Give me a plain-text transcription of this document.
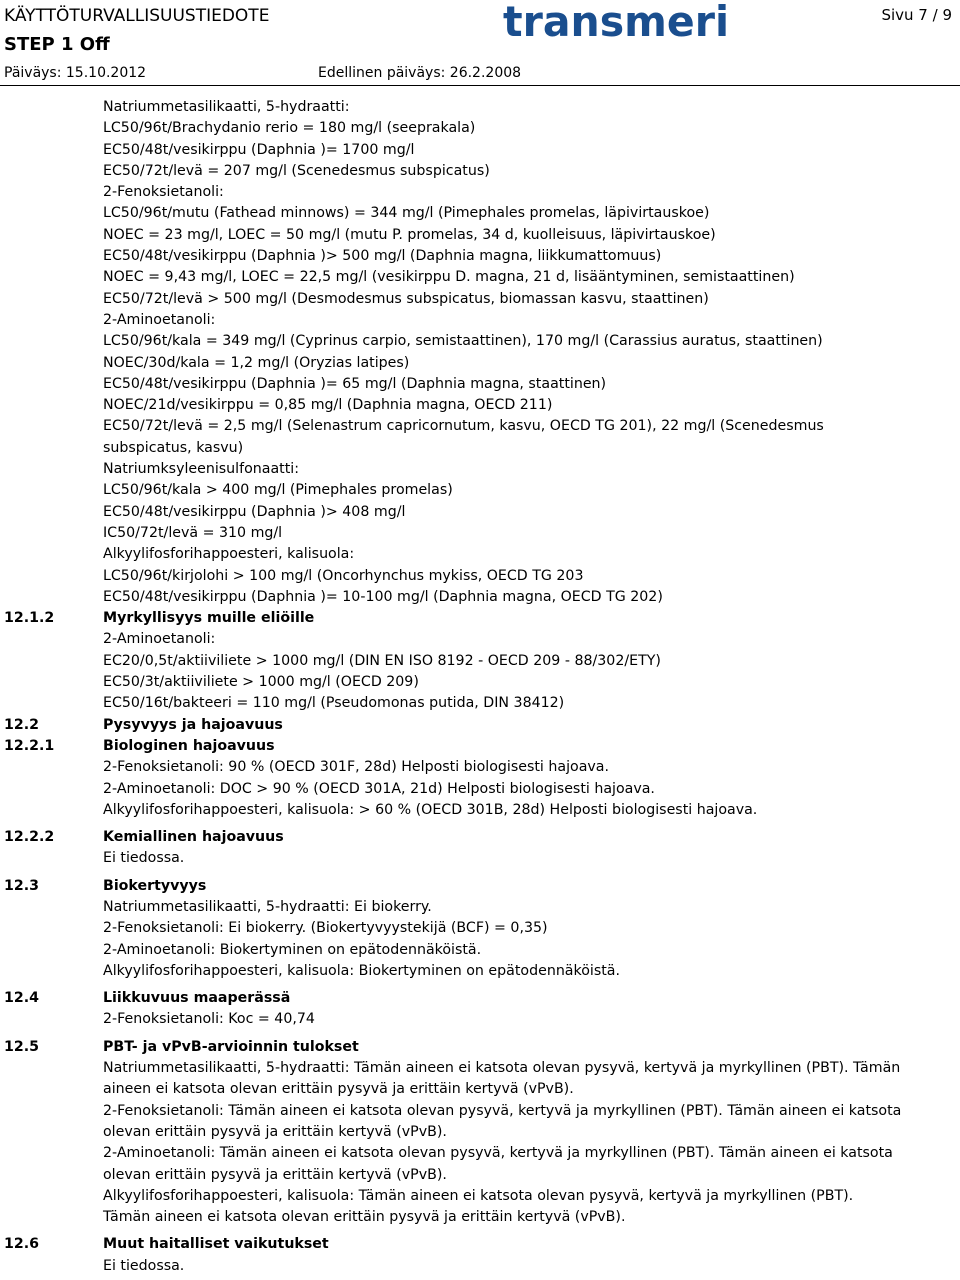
KÄYTTÖTURVALLISUUSTIEDOTE
STEP 1 Off
Päiväys: 15.10.2012	Edellinen päiväys: 26.2.2008
Sivu 7 / 9
transmeri
Natriummetasilikaatti, 5-hydraatti:
LC50/96t/Brachydanio rerio = 180 mg/l (seeprakala)
EC50/48t/vesikirppu (Daphnia )= 1700 mg/l
EC50/72t/levä = 207 mg/l (Scenedesmus subspicatus)
2-Fenoksietanoli:
LC50/96t/mutu (Fathead minnows) = 344 mg/l (Pimephales promelas, läpivirtauskoe)
NOEC = 23 mg/l, LOEC = 50 mg/l (mutu P. promelas, 34 d, kuolleisuus, läpivirtauskoe)
EC50/48t/vesikirppu (Daphnia )> 500 mg/l (Daphnia magna, liikkumattomuus)
NOEC = 9,43 mg/l, LOEC = 22,5 mg/l (vesikirppu D. magna, 21 d, lisääntyminen, semistaattinen)
EC50/72t/levä > 500 mg/l (Desmodesmus subspicatus, biomassan kasvu, staattinen)
2-Aminoetanoli:
LC50/96t/kala = 349 mg/l (Cyprinus carpio, semistaattinen), 170 mg/l (Carassius auratus, staattinen)
NOEC/30d/kala = 1,2 mg/l (Oryzias latipes)
EC50/48t/vesikirppu (Daphnia )= 65 mg/l (Daphnia magna, staattinen)
NOEC/21d/vesikirppu = 0,85 mg/l (Daphnia magna, OECD 211)
EC50/72t/levä = 2,5 mg/l (Selenastrum capricornutum, kasvu, OECD TG 201), 22 mg/l (Scenedesmus
subspicatus, kasvu)
Natriumksyleenisulfonaatti:
LC50/96t/kala > 400 mg/l (Pimephales promelas)
EC50/48t/vesikirppu (Daphnia )> 408 mg/l
IC50/72t/levä = 310 mg/l
Alkyylifosforihappoesteri, kalisuola:
LC50/96t/kirjolohi > 100 mg/l (Oncorhynchus mykiss, OECD TG 203
EC50/48t/vesikirppu (Daphnia )= 10-100 mg/l (Daphnia magna, OECD TG 202)
12.1.2	Myrkyllisyys muille eliöille
2-Aminoetanoli:
EC20/0,5t/aktiiviliete > 1000 mg/l (DIN EN ISO 8192 - OECD 209 - 88/302/ETY)
EC50/3t/aktiiviliete > 1000 mg/l (OECD 209)
EC50/16t/bakteeri = 110 mg/l (Pseudomonas putida, DIN 38412)
12.2	Pysyvyys ja hajoavuus
12.2.1	Biologinen hajoavuus
2-Fenoksietanoli: 90 % (OECD 301F, 28d) Helposti biologisesti hajoava.
2-Aminoetanoli: DOC > 90 % (OECD 301A, 21d) Helposti biologisesti hajoava.
Alkyylifosforihappoesteri, kalisuola: > 60 % (OECD 301B, 28d) Helposti biologisesti hajoava.
12.2.2	Kemiallinen hajoavuus
Ei tiedossa.
12.3	Biokertyvyys
Natriummetasilikaatti, 5-hydraatti: Ei biokerry.
2-Fenoksietanoli: Ei biokerry. (Biokertyvyystekijä (BCF) = 0,35)
2-Aminoetanoli: Biokertyminen on epätodennäköistä.
Alkyylifosforihappoesteri, kalisuola: Biokertyminen on epätodennäköistä.
12.4	Liikkuvuus maaperässä
2-Fenoksietanoli: Koc = 40,74
12.5	PBT- ja vPvB-arvioinnin tulokset
Natriummetasilikaatti, 5-hydraatti: Tämän aineen ei katsota olevan pysyvä, kertyvä ja myrkyllinen (PBT). Tämän
aineen ei katsota olevan erittäin pysyvä ja erittäin kertyvä (vPvB).
2-Fenoksietanoli: Tämän aineen ei katsota olevan pysyvä, kertyvä ja myrkyllinen (PBT). Tämän aineen ei katsota
olevan erittäin pysyvä ja erittäin kertyvä (vPvB).
2-Aminoetanoli: Tämän aineen ei katsota olevan pysyvä, kertyvä ja myrkyllinen (PBT). Tämän aineen ei katsota
olevan erittäin pysyvä ja erittäin kertyvä (vPvB).
Alkyylifosforihappoesteri, kalisuola: Tämän aineen ei katsota olevan pysyvä, kertyvä ja myrkyllinen (PBT).
Tämän aineen ei katsota olevan erittäin pysyvä ja erittäin kertyvä (vPvB).
12.6	Muut haitalliset vaikutukset
Ei tiedossa.
